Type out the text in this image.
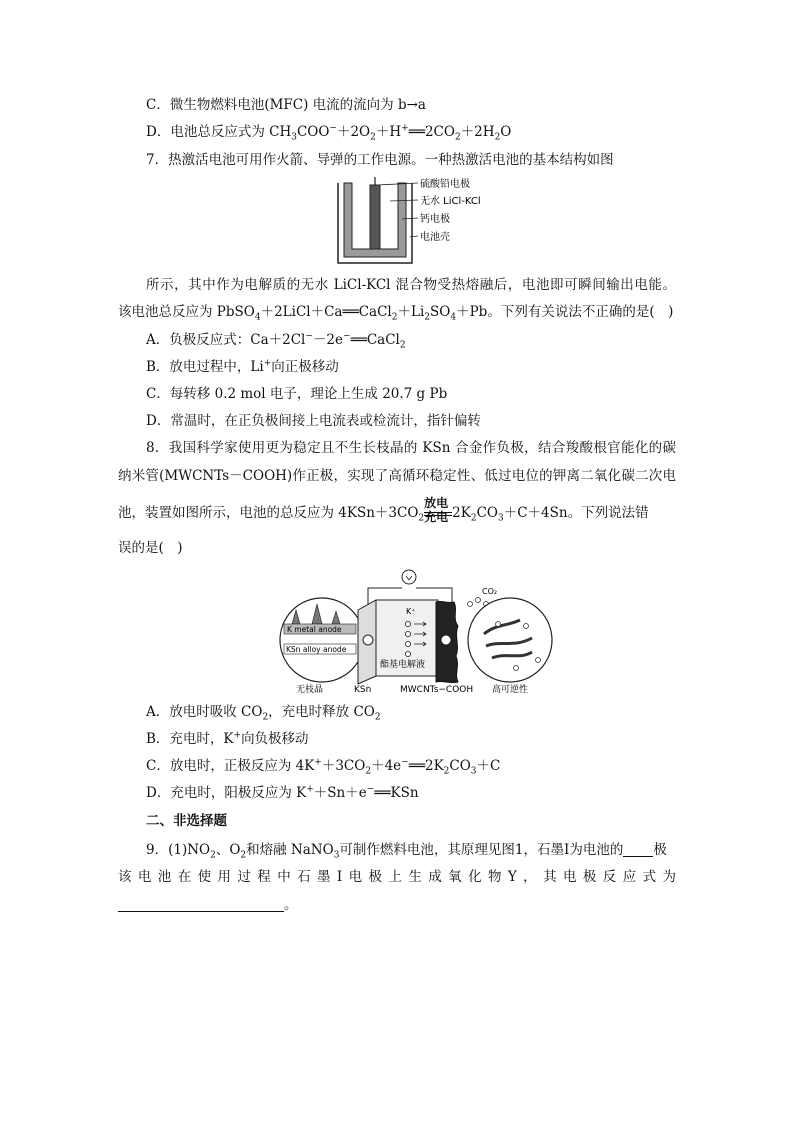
C．微生物燃料电池(MFC) 电流的流向为 b→a
D．电池总反应式为 $CH_3COO^-+2O_2+H^+══2CO_2+2H_2O$
7．热激活电池可用作火箭、导弹的工作电源。一种热激活电池的基本结构如图
硫酸铅电极
无水 LiCl-KCl
钙电极
电池壳
所示，其中作为电解质的无水 LiCl-KCl 混合物受热熔融后，电池即可瞬间输出电能。
该电池总反应为 $PbSO_4+2LiCl+Ca══CaCl_2+Li_2SO_4+Pb$。下列有关说法不正确的是(　)
A．负极反应式：Ca＋2Cl−－2e−══CaCl$_2$
B．放电过程中，Li+向正极移动
C．每转移 0.2 mol 电子，理论上生成 20.7 g Pb
D．常温时，在正负极间接上电流表或检流计，指针偏转
8．我国科学家使用更为稳定且不生长枝晶的 KSn 合金作负极，结合羧酸根官能化的碳
纳米管(MWCNTs－COOH)作正极，实现了高循环稳定性、低过电位的钾离二氧化碳二次电
池，装置如图所示，电池的总反应为 $4KSn+3CO_2$
放电
充电 $2K_2CO_3+C+4Sn$。下列说法错
误的是(　)
K metal anode
KSn alloy anode
K⁺
酯基电解液
CO₂
无枝晶	KSn	MWCNTs−COOH 高可逆性
A．放电时吸收 $CO_2$，充电时释放 $CO_2$
B．充电时，K+向负极移动
C．放电时，正极反应为 $4K^++3CO_2+4e^-══2K_2CO_3+C$
D．充电时，阳极反应为 K+＋Sn＋e−══KSn
二、非选择题
9．$(1)NO_2$、$O_2$和熔融 NaNO$_3$可制作燃料电池，其原理见图1，石墨Ⅰ为电池的 极
该电池在使用过程中石墨Ⅰ电极上生成氧化物Y，其电极反应式为
。
